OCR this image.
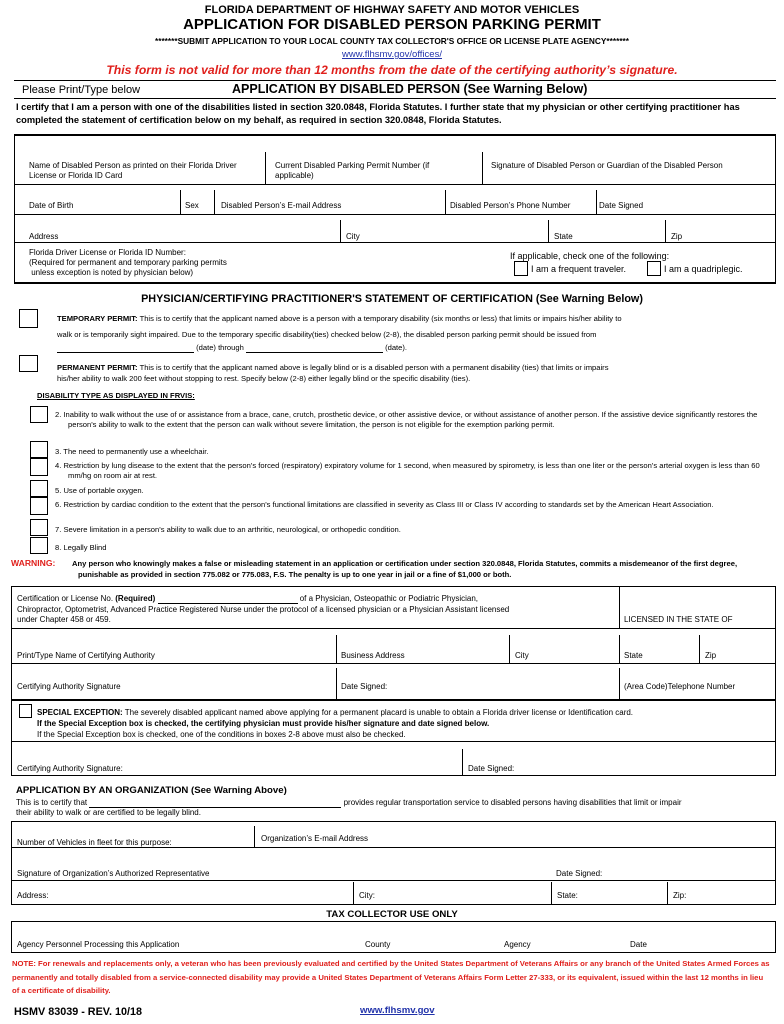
FLORIDA DEPARTMENT OF HIGHWAY SAFETY AND MOTOR VEHICLES
APPLICATION FOR DISABLED PERSON PARKING PERMIT
*******SUBMIT APPLICATION TO YOUR LOCAL COUNTY TAX COLLECTOR'S OFFICE OR LICENSE PLATE AGENCY*******
www.flhsmv.gov/offices/
This form is not valid for more than 12 months from the date of the certifying authority’s signature.
Please Print/Type below	APPLICATION BY DISABLED PERSON (See Warning Below)
I certify that I am a person with one of the disabilities listed in section 320.0848, Florida Statutes. I further state that my physician or other certifying practitioner has completed the statement of certification below on my behalf, as required in section 320.0848, Florida Statutes.
Name of Disabled Person as printed on their Florida Driver License or Florida ID Card
Current Disabled Parking Permit Number (if applicable)
Signature of Disabled Person or Guardian of the Disabled Person
Date of Birth	Sex	Disabled Person’s E-mail Address	Disabled Person’s Phone Number	Date Signed
Address	City	State	Zip
Florida Driver License or Florida ID Number:
(Required for permanent and temporary parking permits
unless exception is noted by physician below)
If applicable, check one of the following:
I am a frequent traveler.	I am a quadriplegic.
PHYSICIAN/CERTIFYING PRACTITIONER'S STATEMENT OF CERTIFICATION (See Warning Below)
TEMPORARY PERMIT: This is to certify that the applicant named above is a person with a temporary disability (six months or less) that limits or impairs his/her ability to
walk or is temporarily sight impaired. Due to the temporary specific disability(ties) checked below (2-8), the disabled person parking permit should be issued from
(date) through	(date).
PERMANENT PERMIT: This is to certify that the applicant named above is legally blind or is a disabled person with a permanent disability (ties) that limits or impairs
his/her ability to walk 200 feet without stopping to rest. Specify below (2-8) either legally blind or the specific disability (ties).
DISABILITY TYPE AS DISPLAYED IN FRVIS:
2. Inability to walk without the use of or assistance from a brace, cane, crutch, prosthetic device, or other assistive device, or without assistance of another person. If the assistive device significantly restores the person's ability to walk to the extent that the person can walk without severe limitation, the person is not eligible for the exemption parking permit.
3. The need to permanently use a wheelchair.
4. Restriction by lung disease to the extent that the person's forced (respiratory) expiratory volume for 1 second, when measured by spirometry, is less than one liter or the person's arterial oxygen is less than 60 mm/hg on room air at rest.
5. Use of portable oxygen.
6. Restriction by cardiac condition to the extent that the person's functional limitations are classified in severity as Class III or Class IV according to standards set by the American Heart Association.
7. Severe limitation in a person's ability to walk due to an arthritic, neurological, or orthopedic condition.
8. Legally Blind
WARNING: Any person who knowingly makes a false or misleading statement in an application or certification under section 320.0848, Florida Statutes, commits a misdemeanor of the first degree, punishable as provided in section 775.082 or 775.083, F.S. The penalty is up to one year in jail or a fine of $1,000 or both.
Certification or License No. (Required)	of a Physician, Osteopathic or Podiatric Physician,
Chiropractor, Optometrist, Advanced Practice Registered Nurse under the protocol of a licensed physician or a Physician Assistant licensed
under Chapter 458 or 459.	LICENSED IN THE STATE OF
Print/Type Name of Certifying Authority	Business Address	City	State	Zip
Certifying Authority Signature	Date Signed:	(Area Code)Telephone Number
SPECIAL EXCEPTION: The severely disabled applicant named above applying for a permanent placard is unable to obtain a Florida driver license or Identification card.
If the Special Exception box is checked, the certifying physician must provide his/her signature and date signed below.
If the Special Exception box is checked, one of the conditions in boxes 2-8 above must also be checked.
Certifying Authority Signature:	Date Signed:
APPLICATION BY AN ORGANIZATION (See Warning Above)
This is to certify that	provides regular transportation service to disabled persons having disabilities that limit or impair
their ability to walk or are certified to be legally blind.
Number of Vehicles in fleet for this purpose:	Organization’s E-mail Address
Signature of Organization’s Authorized Representative	Date Signed:
Address:	City:	State:	Zip:
TAX COLLECTOR USE ONLY
Agency Personnel Processing this Application	County	Agency	Date
NOTE: For renewals and replacements only, a veteran who has been previously evaluated and certified by the United States Department of Veterans Affairs or any branch of the United States Armed Forces as permanently and totally disabled from a service-connected disability may provide a United States Department of Veterans Affairs Form Letter 27-333, or its equivalent, issued within the last 12 months in lieu of a certificate of disability.
HSMV 83039 - REV. 10/18	www.flhsmv.gov
